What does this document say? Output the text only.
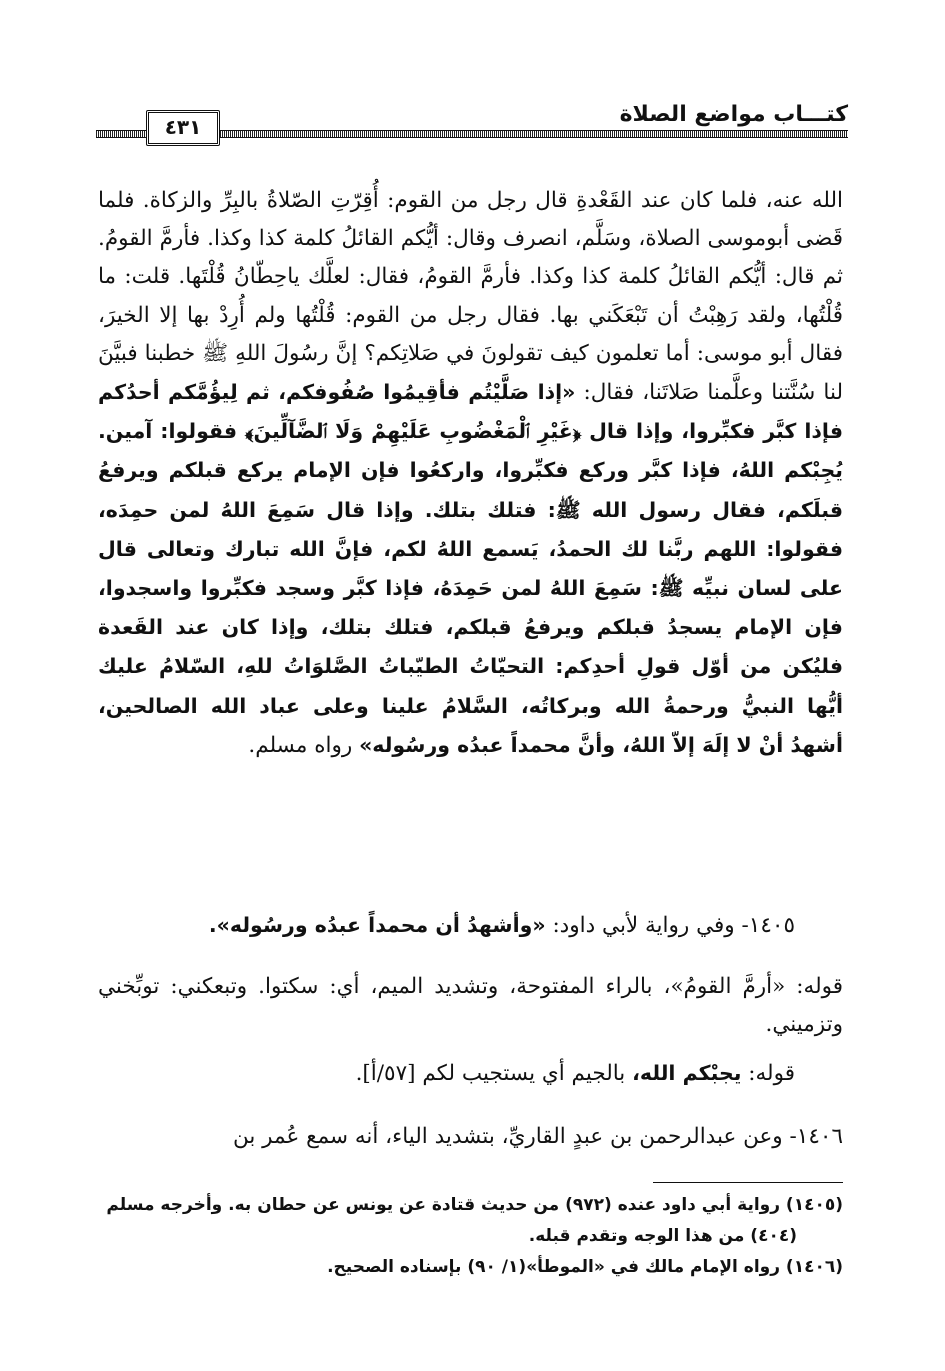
كتـــاب مواضع الصلاة
٤٣١

الله عنه، فلما كان عند القَعْدةِ قال رجل من القوم: أُقِرّتِ الصّلاةُ بالبِرِّ والزكاة. فلما قَضى أبوموسى الصلاة، وسَلَّم، انصرف وقال: أيُّكم القائلُ كلمة كذا وكذا. فأرمَّ القومُ. ثم قال: أيُّكم القائلُ كلمة كذا وكذا. فأرمَّ القومُ، فقال: لعلَّك ياحِطّانُ قُلْتَها. قلت: ما قُلْتُها، ولقد رَهِبْتُ أن تَبْعَكَني بها. فقال رجل من القوم: قُلْتُها ولم أُرِدْ بها إلا الخيرَ، فقال أبو موسى: أما تعلمون كيف تقولونَ في صَلاتِكم؟ إنَّ رسُولَ اللهِ ﷺ خطبنا فبيَّنَ لنا سُنَّتنا وعلَّمنا صَلاتَنا، فقال: «إذا صَلَّيْتُم فأقِيمُوا صُفُوفكم، ثم لِيؤُمَّكم أحدُكم فإذا كبَّر فكبِّروا، وإذا قال ﴿غَيْرِ ٱلْمَغْضُوبِ عَلَيْهِمْ وَلَا ٱلضَّآلِّينَ﴾ فقولوا: آمين. يُجِبْكم اللهُ، فإذا كبَّر وركع فكبِّروا، واركعُوا فإن الإمام يركع قبلكم ويرفعُ قبلَكم، فقال رسول الله ﷺ: فتلك بتلك. وإذا قال سَمِعَ اللهُ لمن حمِدَه، فقولوا: اللهم ربَّنا لك الحمدُ، يَسمع اللهُ لكم، فإنَّ الله تبارك وتعالى قال على لسان نبيِّه ﷺ: سَمِعَ اللهُ لمن حَمِدَهُ، فإذا كبَّر وسجد فكبِّروا واسجدوا، فإن الإمام يسجدُ قبلكم ويرفعُ قبلكم، فتلك بتلك، وإذا كان عند القَعدة فليُكن من أوّل قولِ أحدِكم: التحيّاتُ الطيّباتُ الصَّلوَاتُ للهِ، السّلامُ عليك أيُّها النبيُّ ورحمةُ الله وبركاتُه، السَّلامُ علينا وعلى عباد الله الصالحين، أشهدُ أنْ لا إلَهَ إلاّ اللهُ، وأنَّ محمداً عبدُه ورسُوله» رواه مسلم.

١٤٠٥- وفي رواية لأبي داود: «وأشهدُ أن محمداً عبدُه ورسُوله».

قوله: «أرمَّ القومُ»، بالراء المفتوحة، وتشديد الميم، أي: سكتوا. وتبعكني: توبِّخني وتزميني.

قوله: يجبْكم الله، بالجيم أي يستجيب لكم [٥٧/أ].

١٤٠٦- وعن عبدالرحمن بن عبدٍ القاريِّ، بتشديد الياء، أنه سمع عُمر بن

(١٤٠٥) رواية أبي داود عنده (٩٧٢) من حديث قتادة عن يونس عن حطان به. وأخرجه مسلم

(٤٠٤) من هذا الوجه وتقدم قبله.

(١٤٠٦) رواه الإمام مالك في «الموطأ»(١/ ٩٠) بإسناده الصحيح.
